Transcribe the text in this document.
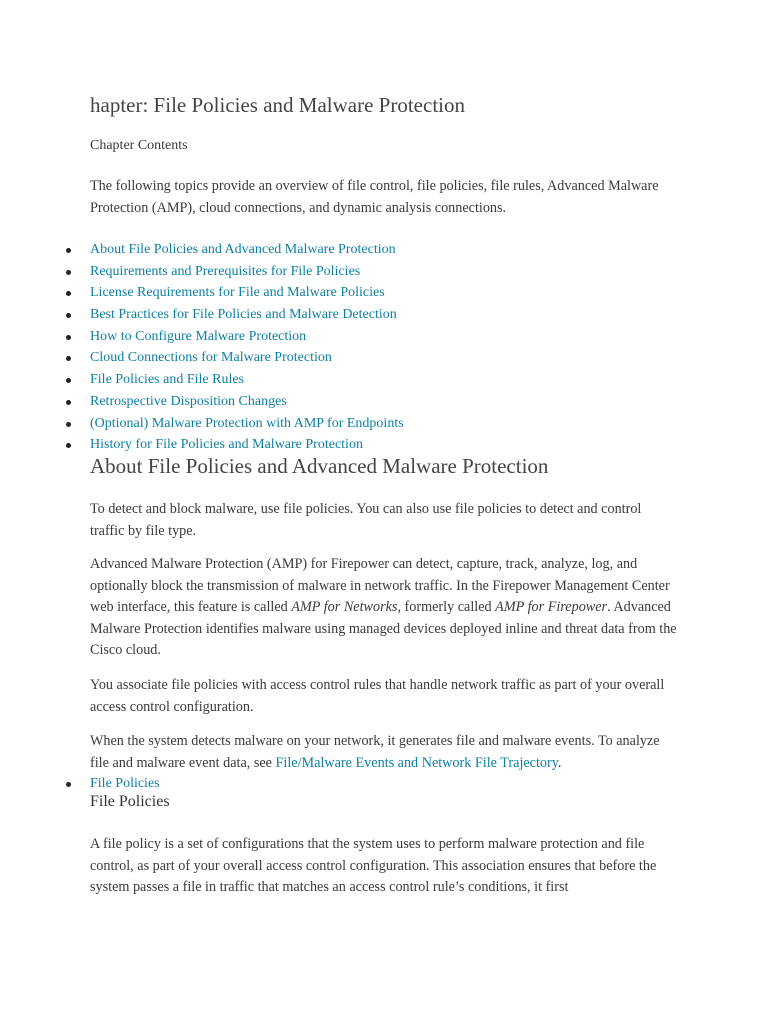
hapter: File Policies and Malware Protection
Chapter Contents

The following topics provide an overview of file control, file policies, file rules, Advanced Malware Protection (AMP), cloud connections, and dynamic analysis connections.

About File Policies and Advanced Malware Protection
Requirements and Prerequisites for File Policies
License Requirements for File and Malware Policies
Best Practices for File Policies and Malware Detection
How to Configure Malware Protection
Cloud Connections for Malware Protection
File Policies and File Rules
Retrospective Disposition Changes
(Optional) Malware Protection with AMP for Endpoints
History for File Policies and Malware Protection
About File Policies and Advanced Malware Protection

To detect and block malware, use file policies. You can also use file policies to detect and control traffic by file type.

Advanced Malware Protection (AMP) for Firepower can detect, capture, track, analyze, log, and optionally block the transmission of malware in network traffic. In the Firepower Management Center web interface, this feature is called AMP for Networks, formerly called AMP for Firepower. Advanced Malware Protection identifies malware using managed devices deployed inline and threat data from the Cisco cloud.

You associate file policies with access control rules that handle network traffic as part of your overall access control configuration.

When the system detects malware on your network, it generates file and malware events. To analyze file and malware event data, see File/Malware Events and Network File Trajectory.

File Policies
File Policies

A file policy is a set of configurations that the system uses to perform malware protection and file control, as part of your overall access control configuration. This association ensures that before the system passes a file in traffic that matches an access control rule’s conditions, it first
